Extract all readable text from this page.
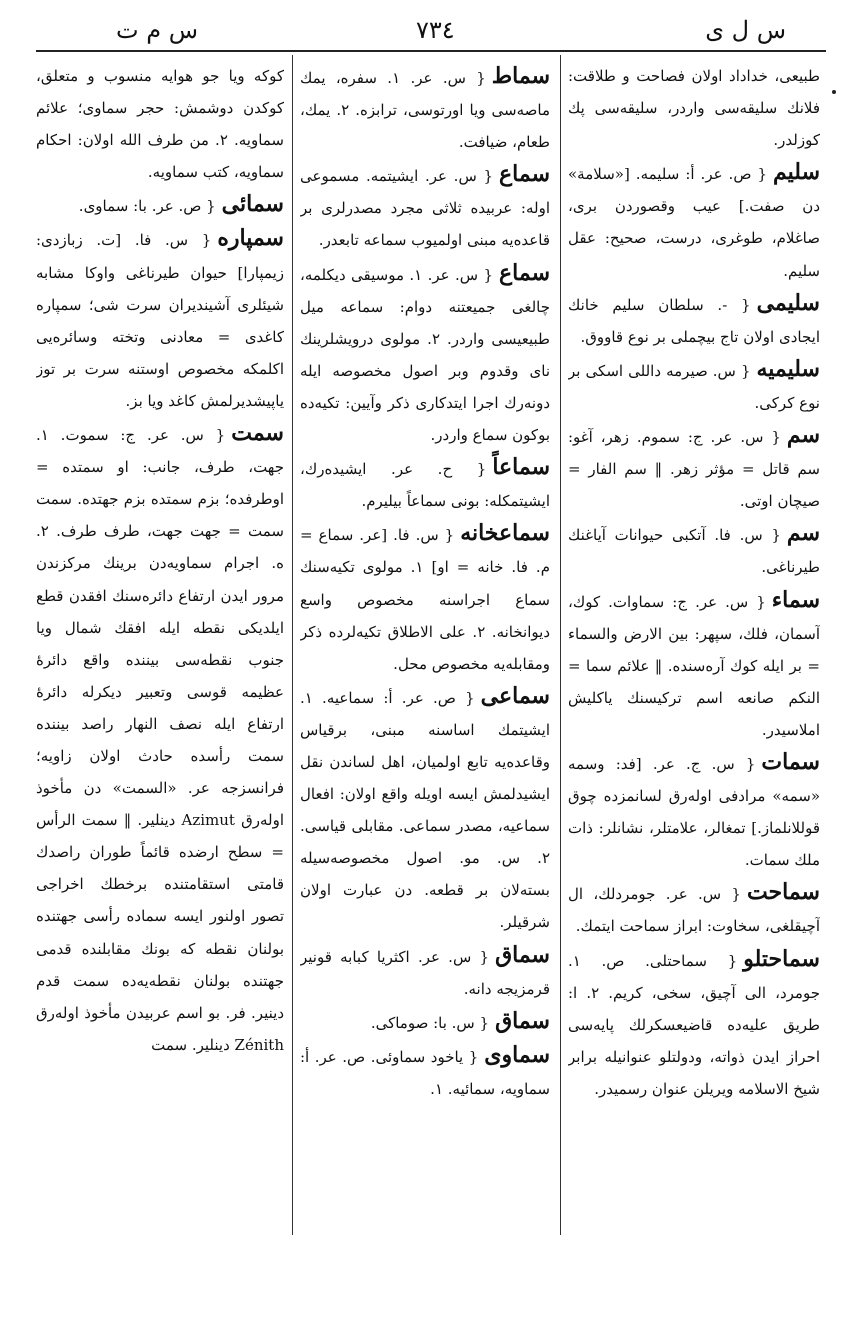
س م ت	٧٣٤	س ل ی

طبیعی، خداداد اولان فصاحت و طلاقت: فلانك سلیقه‌سی واردر، سلیقه‌سی پك كوزلدر.

سلیم{ ص. عر. أ: سلیمه. [«سلامة» دن صفت.] عیب وقصوردن بری، صاغلام، طوغری، درست، صحیح: عقل سلیم.

سلیمی{ -. سلطان سلیم خانك ایجادی اولان تاج بیچملی بر نوع قاووق.

سلیمیه{ س. صیرمه داللی اسکی بر نوع کرکی.

سم{ س. عر. ج: سموم. زهر، آغو: سم قاتل = مؤثر زهر. ‖ سم الفار = صیچان اوتی.

سم{ س. فا. آتکبی حیوانات آیاغنك طیرناغی.

سماء{ س. عر. ج: سماوات. کوك، آسمان، فلك، سپهر: بین الارض والسماء = بر ایله کوك آره‌سنده. ‖ علائم سما = النکم صانعه اسم ترکیسنك یاکلیش املاسیدر.

سمات{ س. ج. عر. [فد: وسمه «سمه» مرادفی اولەرق لسانمزده چوق قوللانلماز.] تمغالر، علامتلر، نشانلر: ذات ملك سمات.

سماحت{ س. عر. جومردلك، ال آچیقلغی، سخاوت: ابراز سماحت ایتمك.

سماحتلو{ سماحتلی. ص. ١. جومرد، الی آچیق، سخی، کریم. ٢. ا: طریق علیه‌ده قاضیعسکرلك پایه‌سی احراز ایدن ذواته، ودولتلو عنوانیله برابر شیخ الاسلامه ویریلن عنوان رسمیدر.

سماط{ س. عر. ١. سفره، یمك ماصه‌سی ویا اورتوسی، ترابزه. ٢. یمك، طعام، ضیافت.

سماع{ س. عر. ایشیتمه. مسموعی اوله: عربیده ثلاثی مجرد مصدرلری بر قاعده‌یه مبنی اولمیوب سماعه تابعدر.

سماع{ س. عر. ١. موسیقی دیکلمه، چالغی جمیعتنه دوام: سماعه میل طبیعیسی واردر. ٢. مولوی درویشلرینك نای وقدوم وبر اصول مخصوصه ایله دونه‌رك اجرا ایتدکاری ذکر وآیین: تکیه‌ده بوکون سماع واردر.

سماعاً{ ح. عر. ایشیده‌رك، ایشیتمکله: بونی سماعاً بیلیرم.

سماعخانه{ س. فا. [عر. سماع = م. فا. خانه = او] ١. مولوی تکیه‌سنك سماع اجراسنه مخصوص واسع دیوانخانه. ٢. علی الاطلاق تکیه‌لرده ذکر ومقابله‌یه مخصوص محل.

سماعی{ ص. عر. أ: سماعیه. ١. ایشیتمك اساسنه مبنی، برقیاس وقاعده‌یه تابع اولمیان، اهل لساندن نقل ایشیدلمش ایسه اویله واقع اولان: افعال سماعیه، مصدر سماعی. مقابلی قیاسی. ٢. س. مو. اصول مخصوصه‌سیله بسته‌لان بر قطعه. دن عبارت اولان شرقیلر.

سماق{ س. عر. اکثریا کبابه قونیر قرمزیجه دانه.

سماق{ س. با: صوماکی.

سماوی{ یاخود سماوئی. ص. عر. أ: سماویه، سمائیه. ١.

کوکه ویا جو هوایه منسوب و متعلق، کوکدن دوشمش: حجر سماوی؛ علائم سماویه. ٢. من طرف الله اولان: احکام سماویه، کتب سماویه.

سمائی{ ص. عر. با: سماوی.

سمپاره{ س. فا. [ت. زبازدی: زیمپارا] حیوان طیرناغی واوکا مشابه شیئلری آشینديران سرت شی؛ سمپاره کاغدی = معادنی وتخته وسائره‌یی اکلمکه مخصوص اوستنه سرت بر توز یاپیشدیرلمش کاغد ویا بز.

سمت{ س. عر. ج: سموت. ١. جهت، طرف، جانب: او سمتده = اوطرفده؛ بزم سمتده بزم جهتده. سمت سمت = جهت جهت، طرف طرف. ٢. ه. اجرام سماویه‌دن برینك مرکزندن مرور ایدن ارتفاع دائره‌سنك افقدن قطع ایلدیکی نقطه ایله افقك شمال ویا جنوب نقطه‌سی بیننده واقع دائرهٔ عظیمه قوسی وتعبیر دیکرله دائرهٔ ارتفاع ایله نصف النهار راصد بیننده سمت رأسده حادث اولان زاویه؛ فرانسزجه عر. «السمت» دن مأخوذ اولەرق Azimut دینلیر. ‖ سمت الرأس = سطح ارضده قائماً طوران راصدك قامتی استقامتنده برخطك اخراجی تصور اولنور ایسه سماده رأسی جهتنده بولنان نقطه که بونك مقابلنده قدمی جهتنده بولنان نقطه‌یه‌ده سمت قدم دینیر. فر. بو اسم عربیدن مأخوذ اولەرق Zénith دینلیر. سمت
